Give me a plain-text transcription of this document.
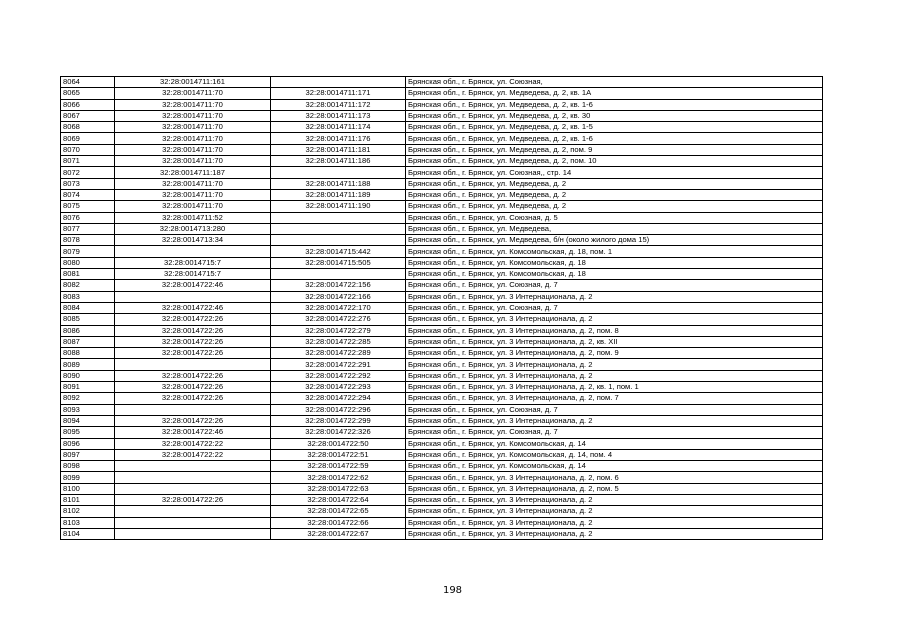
8064	32:28:0014711:161		Брянская обл., г. Брянск, ул. Союзная,
8065	32:28:0014711:70	32:28:0014711:171	Брянская обл., г. Брянск, ул. Медведева, д. 2, кв. 1А
8066	32:28:0014711:70	32:28:0014711:172	Брянская обл., г. Брянск, ул. Медведева, д. 2, кв. 1-6
8067	32:28:0014711:70	32:28:0014711:173	Брянская обл., г. Брянск, ул. Медведева, д. 2, кв. 30
8068	32:28:0014711:70	32:28:0014711:174	Брянская обл., г. Брянск, ул. Медведева, д. 2, кв. 1-5
8069	32:28:0014711:70	32:28:0014711:176	Брянская обл., г. Брянск, ул. Медведева, д. 2, кв. 1-6
8070	32:28:0014711:70	32:28:0014711:181	Брянская обл., г. Брянск, ул. Медведева, д. 2, пом. 9
8071	32:28:0014711:70	32:28:0014711:186	Брянская обл., г. Брянск, ул. Медведева, д. 2, пом. 10
8072	32:28:0014711:187		Брянская обл., г. Брянск, ул. Союзная,, стр. 14
8073	32:28:0014711:70	32:28:0014711:188	Брянская обл., г. Брянск, ул. Медведева, д. 2
8074	32:28:0014711:70	32:28:0014711:189	Брянская обл., г. Брянск, ул. Медведева, д. 2
8075	32:28:0014711:70	32:28:0014711:190	Брянская обл., г. Брянск, ул. Медведева, д. 2
8076	32:28:0014711:52		Брянская обл., г. Брянск, ул. Союзная, д. 5
8077	32:28:0014713:280		Брянская обл., г. Брянск, ул. Медведева,
8078	32:28:0014713:34		Брянская обл., г. Брянск, ул. Медведева, б/н (около жилого дома 15)
8079		32:28:0014715:442	Брянская обл., г. Брянск, ул. Комсомольская, д. 18, пом. 1
8080	32:28:0014715:7	32:28:0014715:505	Брянская обл., г. Брянск, ул. Комсомольская, д. 18
8081	32:28:0014715:7		Брянская обл., г. Брянск, ул. Комсомольская, д. 18
8082	32:28:0014722:46	32:28:0014722:156	Брянская обл., г. Брянск, ул. Союзная, д. 7
8083		32:28:0014722:166	Брянская обл., г. Брянск, ул. 3 Интернационала, д. 2
8084	32:28:0014722:46	32:28:0014722:170	Брянская обл., г. Брянск, ул. Союзная, д. 7
8085	32:28:0014722:26	32:28:0014722:276	Брянская обл., г. Брянск, ул. 3 Интернационала, д. 2
8086	32:28:0014722:26	32:28:0014722:279	Брянская обл., г. Брянск, ул. 3 Интернационала, д. 2, пом. 8
8087	32:28:0014722:26	32:28:0014722:285	Брянская обл., г. Брянск, ул. 3 Интернационала, д. 2, кв. XII
8088	32:28:0014722:26	32:28:0014722:289	Брянская обл., г. Брянск, ул. 3 Интернационала, д. 2, пом. 9
8089		32:28:0014722:291	Брянская обл., г. Брянск, ул. 3 Интернационала, д. 2
8090	32:28:0014722:26	32:28:0014722:292	Брянская обл., г. Брянск, ул. 3 Интернационала, д. 2
8091	32:28:0014722:26	32:28:0014722:293	Брянская обл., г. Брянск, ул. 3 Интернационала, д. 2, кв. 1, пом. 1
8092	32:28:0014722:26	32:28:0014722:294	Брянская обл., г. Брянск, ул. 3 Интернационала, д. 2, пом. 7
8093		32:28:0014722:296	Брянская обл., г. Брянск, ул. Союзная, д. 7
8094	32:28:0014722:26	32:28:0014722:299	Брянская обл., г. Брянск, ул. 3 Интернационала, д. 2
8095	32:28:0014722:46	32:28:0014722:326	Брянская обл., г. Брянск, ул. Союзная, д. 7
8096	32:28:0014722:22	32:28:0014722:50	Брянская обл., г. Брянск, ул. Комсомольская, д. 14
8097	32:28:0014722:22	32:28:0014722:51	Брянская обл., г. Брянск, ул. Комсомольская, д. 14, пом. 4
8098		32:28:0014722:59	Брянская обл., г. Брянск, ул. Комсомольская, д. 14
8099		32:28:0014722:62	Брянская обл., г. Брянск, ул. 3 Интернационала, д. 2, пом. 6
8100		32:28:0014722:63	Брянская обл., г. Брянск, ул. 3 Интернационала, д. 2, пом. 5
8101	32:28:0014722:26	32:28:0014722:64	Брянская обл., г. Брянск, ул. 3 Интернационала, д. 2
8102		32:28:0014722:65	Брянская обл., г. Брянск, ул. 3 Интернационала, д. 2
8103		32:28:0014722:66	Брянская обл., г. Брянск, ул. 3 Интернационала, д. 2
8104		32:28:0014722:67	Брянская обл., г. Брянск, ул. 3 Интернационала, д. 2
198
